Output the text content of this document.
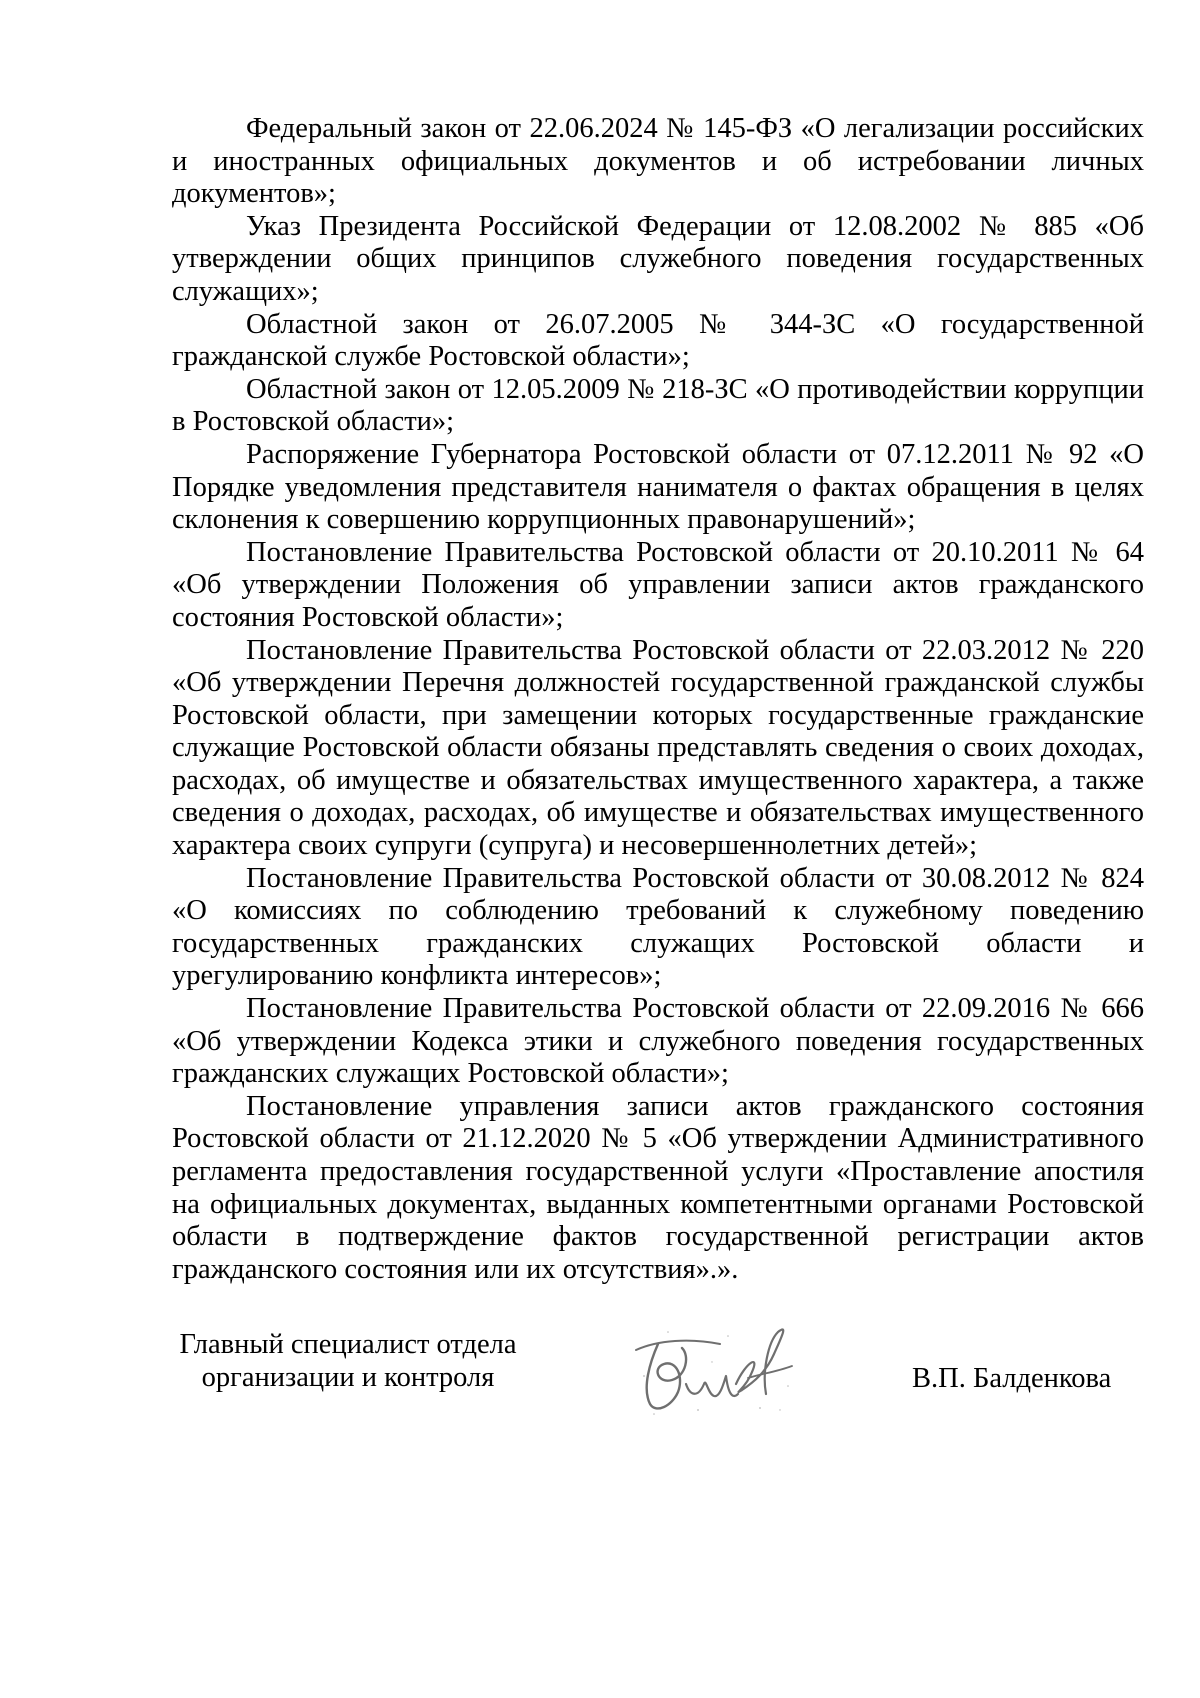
Федеральный закон от 22.06.2024 № 145-ФЗ «О легализации российских и иностранных официальных документов и об истребовании личных документов»;

Указ Президента Российской Федерации от 12.08.2002 № 885 «Об утверждении общих принципов служебного поведения государственных служащих»;

Областной закон от 26.07.2005 № 344-ЗС «О государственной гражданской службе Ростовской области»;

Областной закон от 12.05.2009 № 218-ЗС «О противодействии коррупции в Ростовской области»;

Распоряжение Губернатора Ростовской области от 07.12.2011 № 92 «О Порядке уведомления представителя нанимателя о фактах обращения в целях склонения к совершению коррупционных правонарушений»;

Постановление Правительства Ростовской области от 20.10.2011 № 64 «Об утверждении Положения об управлении записи актов гражданского состояния Ростовской области»;

Постановление Правительства Ростовской области от 22.03.2012 № 220 «Об утверждении Перечня должностей государственной гражданской службы Ростовской области, при замещении которых государственные гражданские служащие Ростовской области обязаны представлять сведения о своих доходах, расходах, об имуществе и обязательствах имущественного характера, а также сведения о доходах, расходах, об имуществе и обязательствах имущественного характера своих супруги (супруга) и несовершеннолетних детей»;

Постановление Правительства Ростовской области от 30.08.2012 № 824 «О комиссиях по соблюдению требований к служебному поведению государственных гражданских служащих Ростовской области и урегулированию конфликта интересов»;

Постановление Правительства Ростовской области от 22.09.2016 № 666 «Об утверждении Кодекса этики и служебного поведения государственных гражданских служащих Ростовской области»;

Постановление управления записи актов гражданского состояния Ростовской области от 21.12.2020 № 5 «Об утверждении Административного регламента предоставления государственной услуги «Проставление апостиля на официальных документах, выданных компетентными органами Ростовской области в подтверждение фактов государственной регистрации актов гражданского состояния или их отсутствия».».

Главный специалист отдела
организации и контроля	В.П. Балденкова
